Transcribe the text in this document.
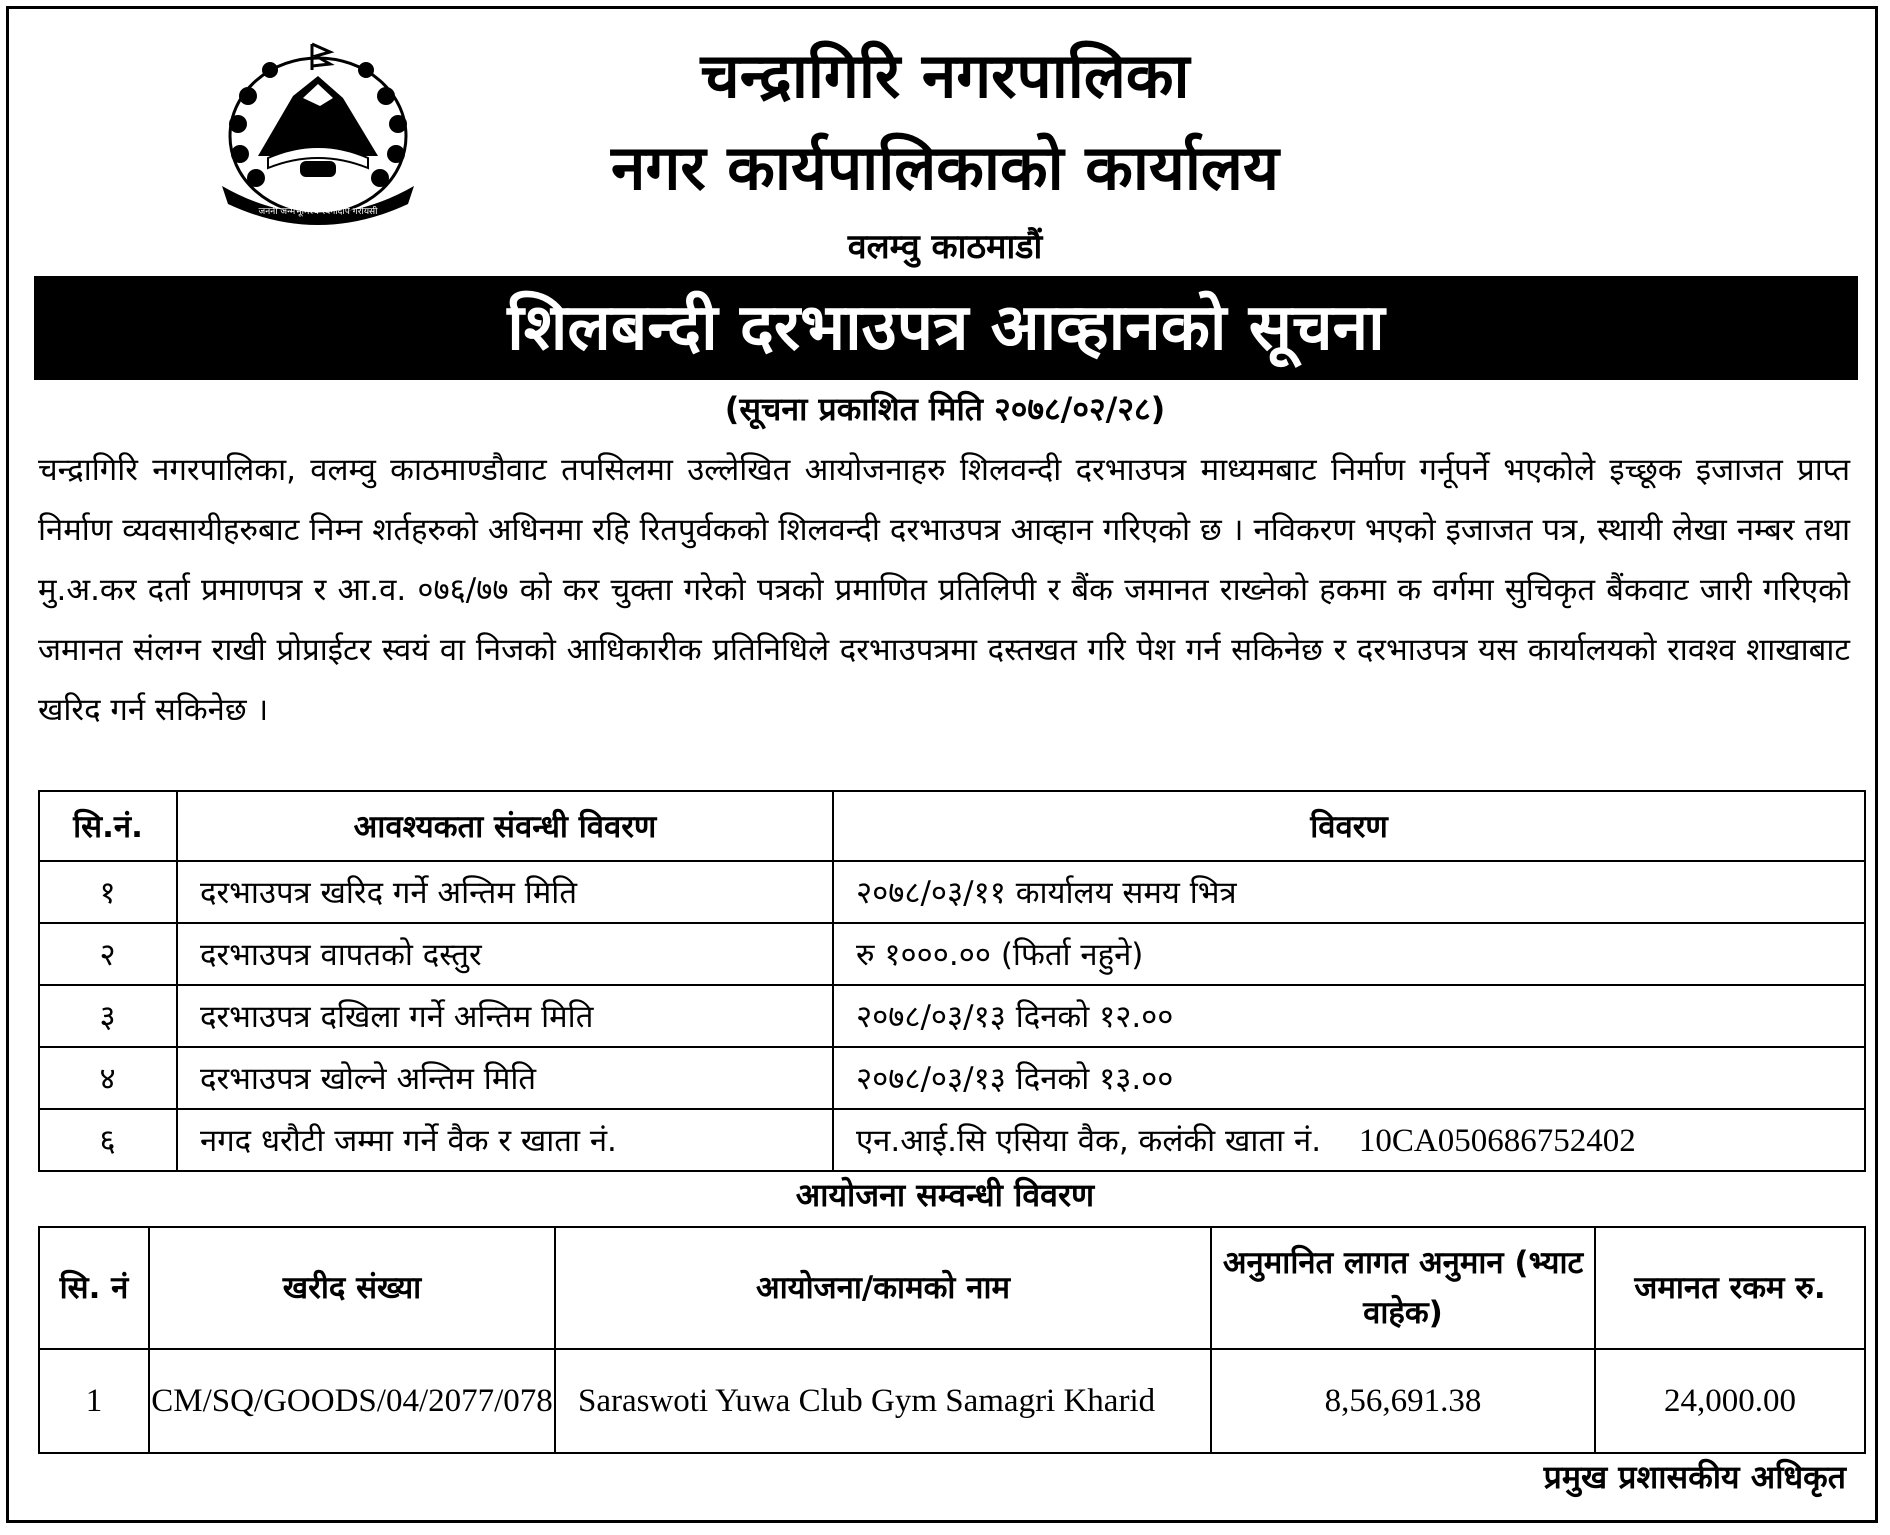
जननी जन्मभूमिश्च स्वर्गादपि गरीयसी
चन्द्रागिरि नगरपालिका
नगर कार्यपालिकाको कार्यालय
वलम्वु काठमाडौं
शिलबन्दी दरभाउपत्र आव्हानको सूचना
(सूचना प्रकाशित मिति २०७८/०२/२८)
चन्द्रागिरि नगरपालिका, वलम्वु काठमाण्डौवाट तपसिलमा उल्लेखित आयोजनाहरु शिलवन्दी दरभाउपत्र माध्यमबाट निर्माण गर्नूपर्ने भएकोले इच्छूक इजाजत प्राप्त निर्माण व्यवसायीहरुबाट निम्न शर्तहरुको अधिनमा रहि रितपुर्वकको शिलवन्दी दरभाउपत्र आव्हान गरिएको छ । नविकरण भएको इजाजत पत्र, स्थायी लेखा नम्बर तथा मु.अ.कर दर्ता प्रमाणपत्र र आ.व. ०७६/७७ को कर चुक्ता गरेको पत्रको प्रमाणित प्रतिलिपी र बैंक जमानत राख्नेको हकमा क वर्गमा सुचिकृत बैंकवाट जारी गरिएको जमानत संलग्न राखी प्रोप्राईटर स्वयं वा निजको आधिकारीक प्रतिनिधिले दरभाउपत्रमा दस्तखत गरि पेश गर्न सकिनेछ र दरभाउपत्र यस कार्यालयको रावश्व शाखाबाट खरिद गर्न सकिनेछ ।
सि.नं.	आवश्यकता संवन्धी विवरण	विवरण
१	दरभाउपत्र खरिद गर्ने अन्तिम मिति	२०७८/०३/११ कार्यालय समय भित्र
२	दरभाउपत्र वापतको दस्तुर	रु १०००.०० (फिर्ता नहुने)
३	दरभाउपत्र दखिला गर्ने अन्तिम मिति	२०७८/०३/१३ दिनको १२.००
४	दरभाउपत्र खोल्ने अन्तिम मिति	२०७८/०३/१३ दिनको १३.००
६	नगद धरौटी जम्मा गर्ने वैक र खाता नं.	एन.आई.सि एसिया वैक, कलंकी खाता नं. 10CA050686752402
आयोजना सम्वन्धी विवरण
सि. नं	खरीद संख्या	आयोजना/कामको नाम	अनुमानित लागत अनुमान (भ्याट वाहेक)	जमानत रकम रु.
1	CM/SQ/GOODS/04/2077/078	Saraswoti Yuwa Club Gym Samagri Kharid	8,56,691.38	24,000.00
प्रमुख प्रशासकीय अधिकृत
